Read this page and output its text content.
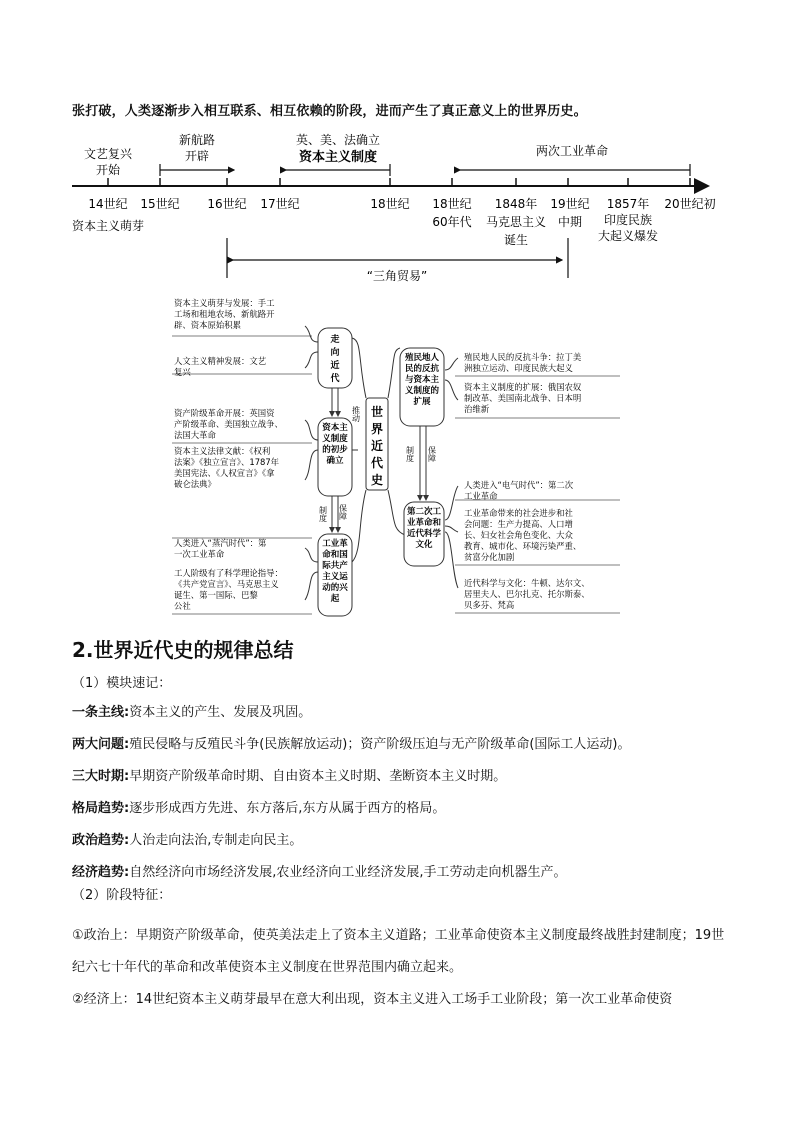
张打破，人类逐渐步入相互联系、相互依赖的阶段，进而产生了真正意义上的世界历史。
文艺复兴
开始
新航路
开辟
英、美、法确立
资本主义制度	两次工业革命
14世纪
资本主义萌芽
15世纪 16世纪 17世纪	18世纪 18世纪
60年代
1848年
马克思主义
诞生
19世纪
中期
1857年
印度民族
大起义爆发
20世纪初
“三角贸易”
推动
制度 保障
制度 保障
走
向
近
代
资本主
义制度
的初步
确立
工业革
命和国
际共产
主义运
动的兴
起
世
界
近
代
史
殖民地人
民的反抗
与资本主
义制度的
扩展
第二次工
业革命和
近代科学
文化
资本主义萌芽与发展：手工
工场和租地农场、新航路开
辟、资本原始积累
人文主义精神发展：文艺
复兴
资产阶级革命开展：英国资
产阶级革命、美国独立战争、
法国大革命
资本主义法律文献：《权利
法案》《独立宣言》、1787年
美国宪法、《人权宣言》《拿
破仑法典》
人类进入“蒸汽时代”：第
一次工业革命
工人阶级有了科学理论指导：
《共产党宣言》、马克思主义
诞生、第一国际、巴黎
公社
殖民地人民的反抗斗争：拉丁美
洲独立运动、印度民族大起义
资本主义制度的扩展：俄国农奴
制改革、美国南北战争、日本明
治维新
人类进入“电气时代”：第二次
工业革命
工业革命带来的社会进步和社
会问题：生产力提高、人口增
长、妇女社会角色变化、大众
教育、城市化、环境污染严重、
贫富分化加剧
近代科学与文化：牛顿、达尔文、
居里夫人、巴尔扎克、托尔斯泰、
贝多芬、梵高
2.世界近代史的规律总结
（1）模块速记：
一条主线:资本主义的产生、发展及巩固。
两大问题:殖民侵略与反殖民斗争(民族解放运动)；资产阶级压迫与无产阶级革命(国际工人运动)。
三大时期:早期资产阶级革命时期、自由资本主义时期、垄断资本主义时期。
格局趋势:逐步形成西方先进、东方落后,东方从属于西方的格局。
政治趋势:人治走向法治,专制走向民主。
经济趋势:自然经济向市场经济发展,农业经济向工业经济发展,手工劳动走向机器生产。
（2）阶段特征：
①政治上：早期资产阶级革命，使英美法走上了资本主义道路；工业革命使资本主义制度最终战胜封建制度；19世纪六七十年代的革命和改革使资本主义制度在世界范围内确立起来。
②经济上：14世纪资本主义萌芽最早在意大利出现，资本主义进入工场手工业阶段；第一次工业革命使资
